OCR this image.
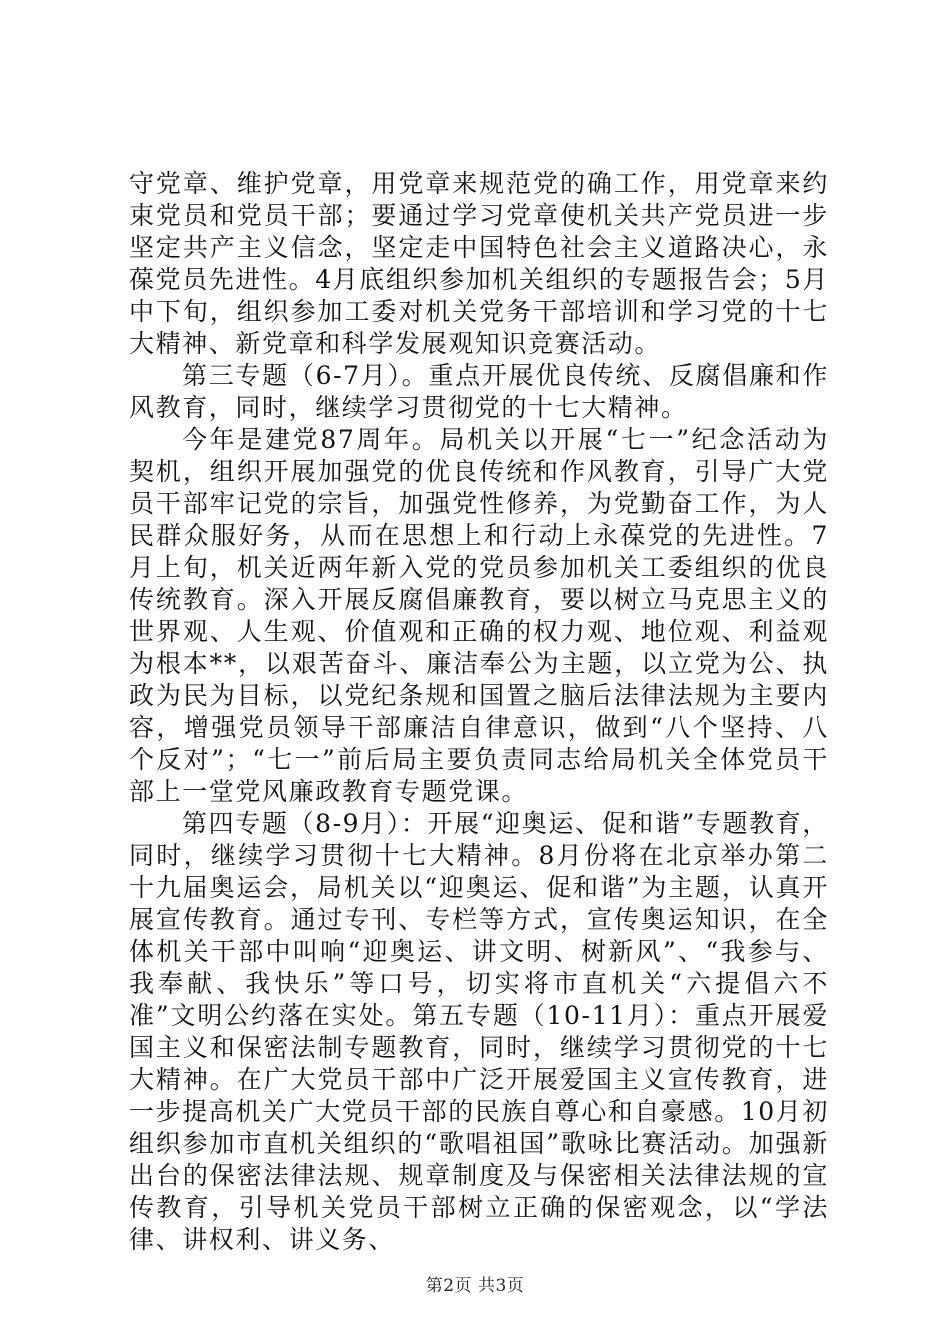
守党章、维护党章，用党章来规范党的确工作，用党章来约束党员和党员干部；要通过学习党章使机关共产党员进一步坚定共产主义信念，坚定走中国特色社会主义道路决心，永葆党员先进性。4月底组织参加机关组织的专题报告会；5月中下旬，组织参加工委对机关党务干部培训和学习党的十七大精神、新党章和科学发展观知识竞赛活动。

第三专题（6-7月）。重点开展优良传统、反腐倡廉和作风教育，同时，继续学习贯彻党的十七大精神。

今年是建党87周年。局机关以开展“七一”纪念活动为契机，组织开展加强党的优良传统和作风教育，引导广大党员干部牢记党的宗旨，加强党性修养，为党勤奋工作，为人民群众服好务，从而在思想上和行动上永葆党的先进性。7月上旬，机关近两年新入党的党员参加机关工委组织的优良传统教育。深入开展反腐倡廉教育，要以树立马克思主义的世界观、人生观、价值观和正确的权力观、地位观、利益观为根本**，以艰苦奋斗、廉洁奉公为主题，以立党为公、执政为民为目标，以党纪条规和国置之脑后法律法规为主要内容，增强党员领导干部廉洁自律意识，做到“八个坚持、八个反对”；“七一”前后局主要负责同志给局机关全体党员干部上一堂党风廉政教育专题党课。

第四专题（8-9月）：开展“迎奥运、促和谐”专题教育，同时，继续学习贯彻十七大精神。8月份将在北京举办第二十九届奥运会，局机关以“迎奥运、促和谐”为主题，认真开展宣传教育。通过专刊、专栏等方式，宣传奥运知识，在全体机关干部中叫响“迎奥运、讲文明、树新风”、“我参与、我奉献、我快乐”等口号，切实将市直机关“六提倡六不准”文明公约落在实处。第五专题（10-11月）：重点开展爱国主义和保密法制专题教育，同时，继续学习贯彻党的十七大精神。在广大党员干部中广泛开展爱国主义宣传教育，进一步提高机关广大党员干部的民族自尊心和自豪感。10月初组织参加市直机关组织的“歌唱祖国”歌咏比赛活动。加强新出台的保密法律法规、规章制度及与保密相关法律法规的宣传教育，引导机关党员干部树立正确的保密观念，以“学法律、讲权利、讲义务、

第2页 共3页
